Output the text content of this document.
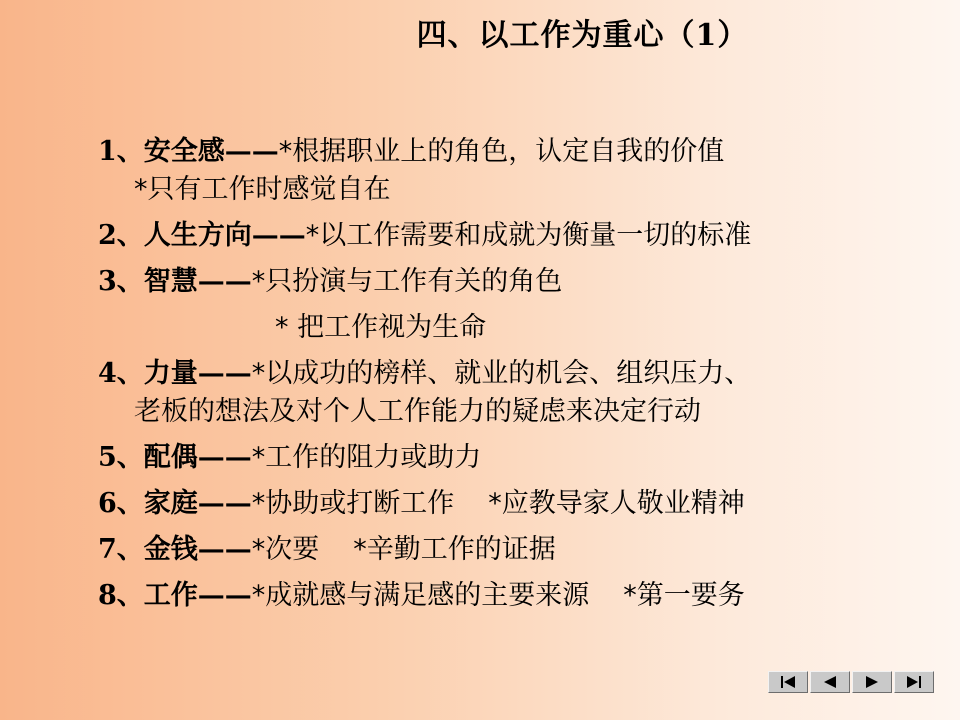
四、以工作为重心（1）
1、安全感——*根据职业上的角色，认定自我的价值
*只有工作时感觉自在
2、人生方向——*以工作需要和成就为衡量一切的标准
3、智慧——*只扮演与工作有关的角色
* 把工作视为生命
4、力量——*以成功的榜样、就业的机会、组织压力、
老板的想法及对个人工作能力的疑虑来决定行动
5、配偶——*工作的阻力或助力
6、家庭——*协助或打断工作 *应教导家人敬业精神
7、金钱——*次要 *辛勤工作的证据
8、工作——*成就感与满足感的主要来源 *第一要务
